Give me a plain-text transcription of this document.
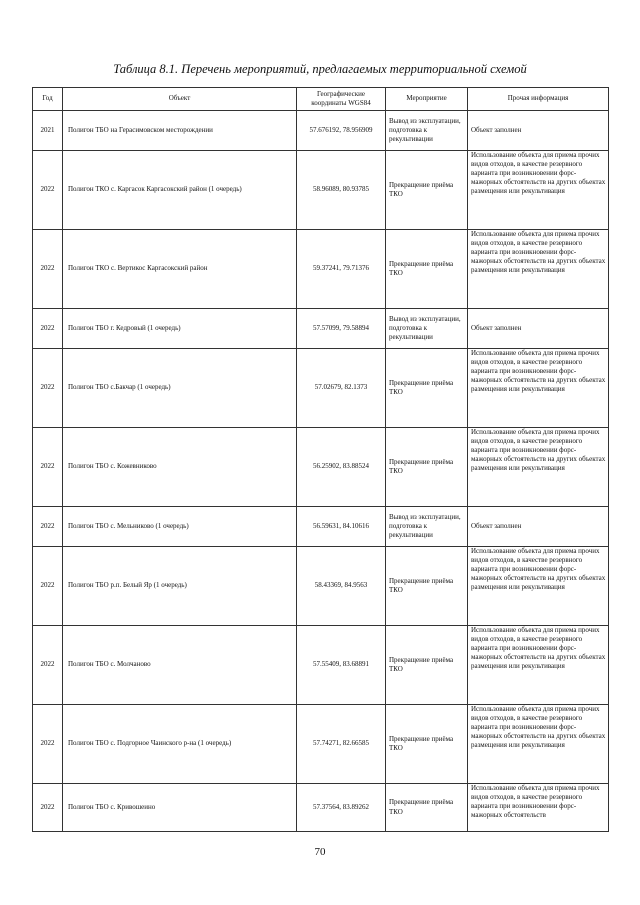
Таблица 8.1. Перечень мероприятий, предлагаемых территориальной схемой
Год	Объект	Географические координаты WGS84	Мероприятие	Прочая информация
2021	Полигон ТБО на Герасимовском месторождении	57.676192, 78.956909	Вывод из эксплуатации, подготовка к рекультивации	Объект заполнен
2022	Полигон ТКО с. Каргасок Каргасокский район (1 очередь)	58.96089, 80.93785	Прекращение приёма ТКО	Использование объекта для приема прочих видов отходов, в качестве резервного варианта при возникновении форс-мажорных обстоятельств на других объектах размещения или рекультивация
2022	Полигон ТКО с. Вертикос Каргасокский район	59.37241, 79.71376	Прекращение приёма ТКО	Использование объекта для приема прочих видов отходов, в качестве резервного варианта при возникновении форс-мажорных обстоятельств на других объектах размещения или рекультивация
2022	Полигон ТБО г. Кедровый (1 очередь)	57.57099, 79.58894	Вывод из эксплуатации, подготовка к рекультивации	Объект заполнен
2022	Полигон ТБО с.Бакчар (1 очередь)	57.02679, 82.1373	Прекращение приёма ТКО	Использование объекта для приема прочих видов отходов, в качестве резервного варианта при возникновении форс-мажорных обстоятельств на других объектах размещения или рекультивация
2022	Полигон ТБО с. Кожевниково	56.25902, 83.88524	Прекращение приёма ТКО	Использование объекта для приема прочих видов отходов, в качестве резервного варианта при возникновении форс-мажорных обстоятельств на других объектах размещения или рекультивация
2022	Полигон ТБО с. Мельниково (1 очередь)	56.59631, 84.10616	Вывод из эксплуатации, подготовка к рекультивации	Объект заполнен
2022	Полигон ТБО р.п. Белый Яр (1 очередь)	58.43369, 84.9563	Прекращение приёма ТКО	Использование объекта для приема прочих видов отходов, в качестве резервного варианта при возникновении форс-мажорных обстоятельств на других объектах размещения или рекультивация
2022	Полигон ТБО с. Молчаново	57.55409, 83.68891	Прекращение приёма ТКО	Использование объекта для приема прочих видов отходов, в качестве резервного варианта при возникновении форс-мажорных обстоятельств на других объектах размещения или рекультивация
2022	Полигон ТБО с. Подгорное Чаинского р-на (1 очередь)	57.74271, 82.66585	Прекращение приёма ТКО	Использование объекта для приема прочих видов отходов, в качестве резервного варианта при возникновении форс-мажорных обстоятельств на других объектах размещения или рекультивация
2022	Полигон ТБО с. Кривошеино	57.37564, 83.89262	Прекращение приёма ТКО	Использование объекта для приема прочих видов отходов, в качестве резервного варианта при возникновении форс-мажорных обстоятельств
70
